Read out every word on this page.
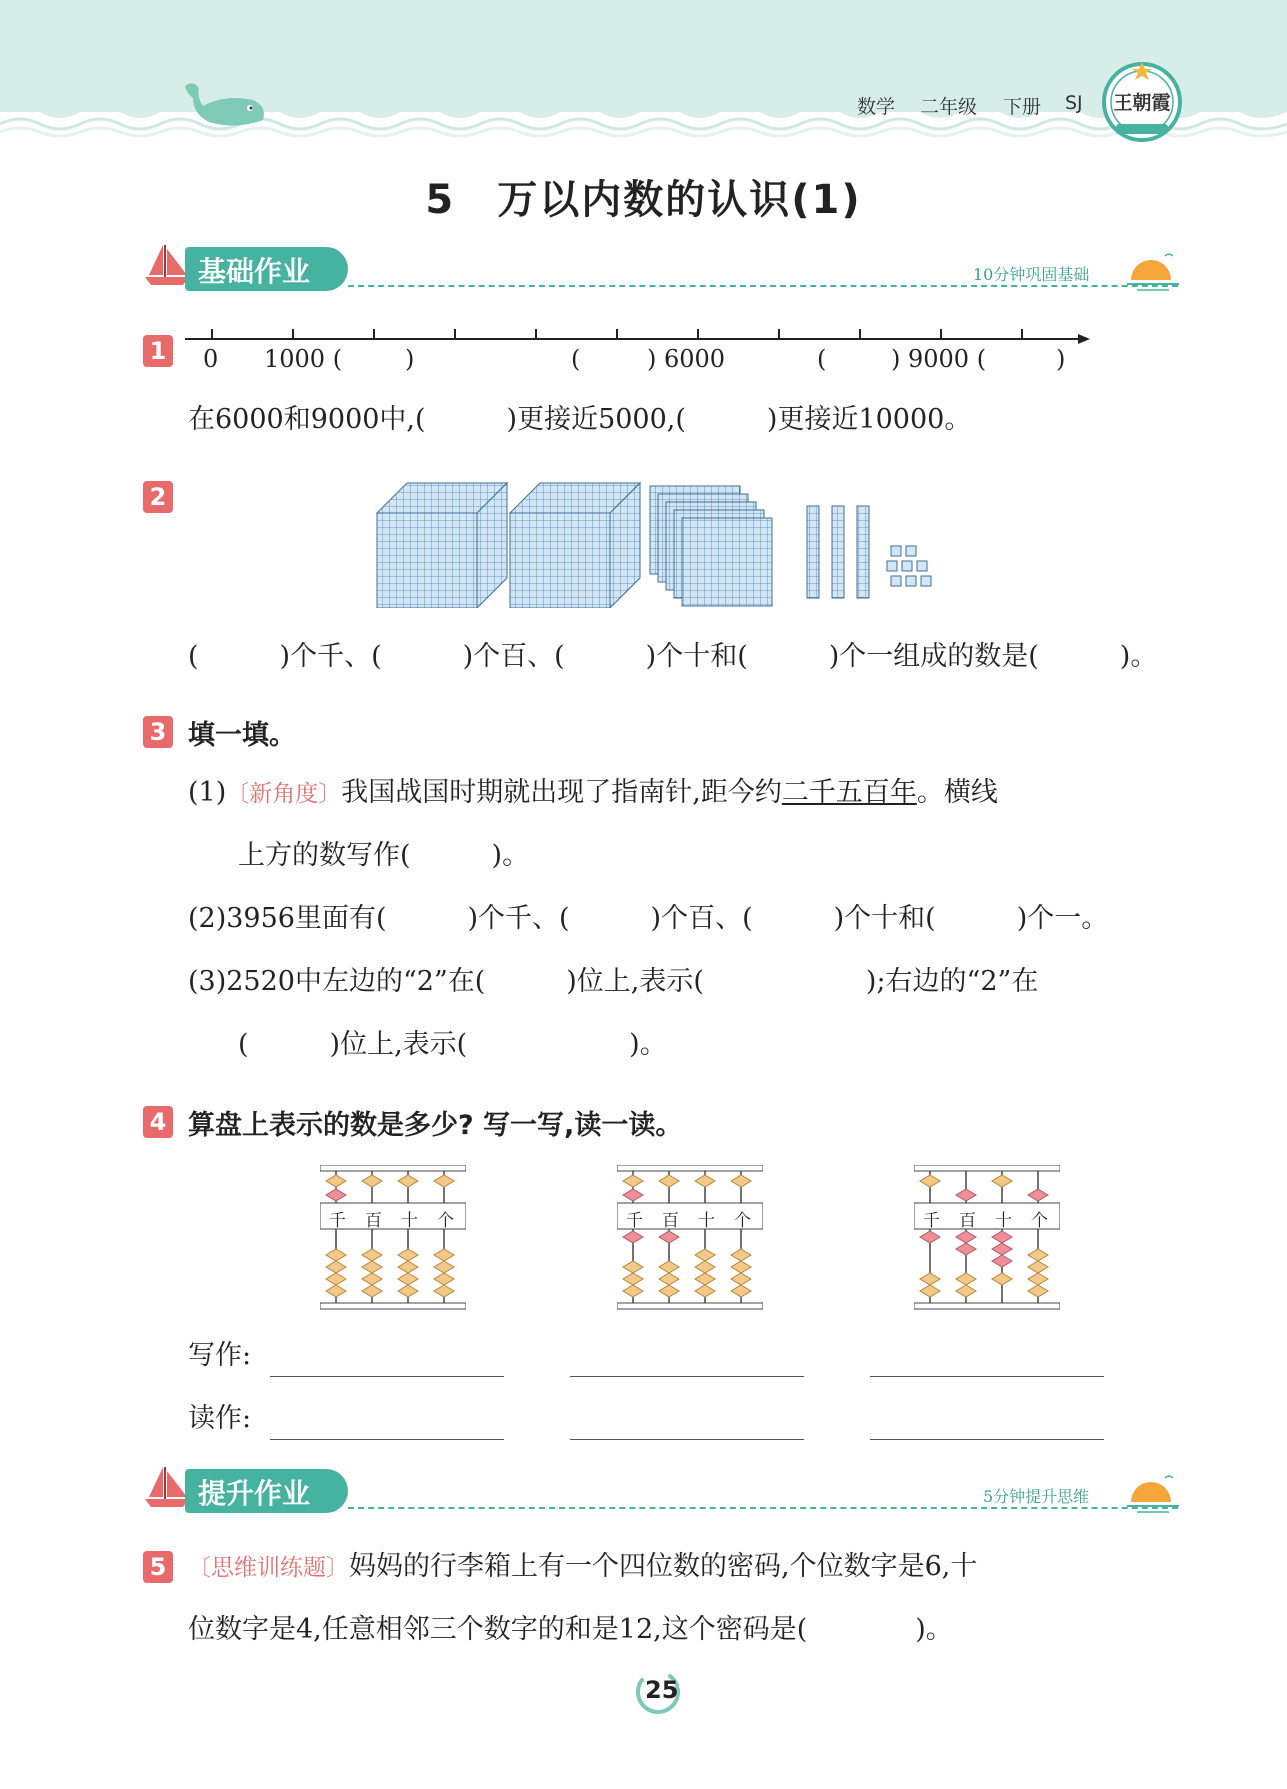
数学 二年级 下册 SJ	王朝霞
5　万以内数的认识(1)
基础作业	10分钟巩固基础
1 0 1000 (	)	(	) 6000	(	) 9000 (	)
在6000和9000中,(　　　)更接近5000,(　　　)更接近10000。
2
(　　　)个千、(　　　)个百、(　　　)个十和(　　　)个一组成的数是(　　　)。
3 填一填。
(1)〔新角度〕我国战国时期就出现了指南针,距今约二千五百年。横线
上方的数写作(　　　)。
(2)3956里面有(　　　)个千、(　　　)个百、(　　　)个十和(　　　)个一。
(3)2520中左边的“2”在(　　　)位上,表示(　　　　　　);右边的“2”在
(　　　)位上,表示(　　　　　　)。
4 算盘上表示的数是多少? 写一写,读一读。
千 百 十 个	千 百 十 个	千 百 十 个
写作:
读作:
提升作业	5分钟提升思维
5 〔思维训练题〕妈妈的行李箱上有一个四位数的密码,个位数字是6,十
位数字是4,任意相邻三个数字的和是12,这个密码是(　　　　)。
25
